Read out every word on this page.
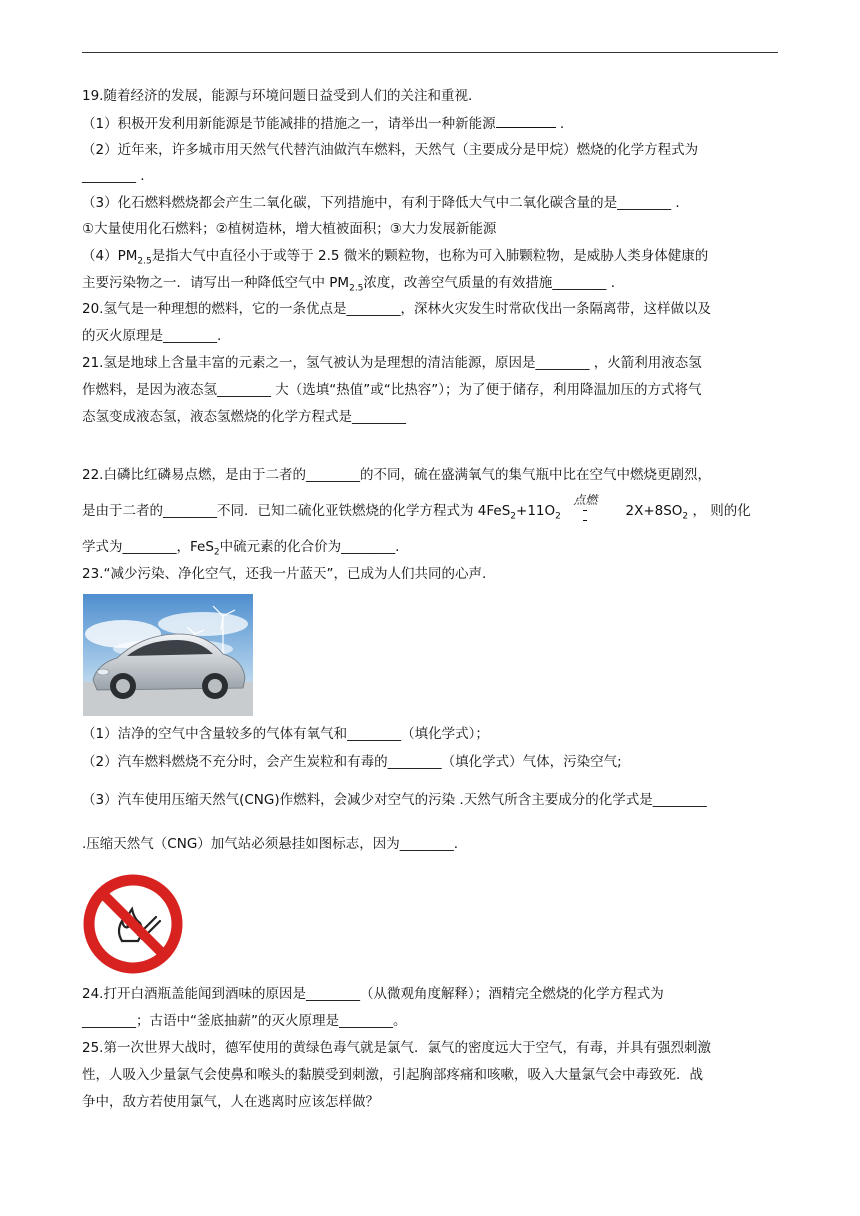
19.随着经济的发展，能源与环境问题日益受到人们的关注和重视.
（1）积极开发利用新能源是节能减排的措施之一，请举出一种新能源	.
（2）近年来，许多城市用天然气代替汽油做汽车燃料，天然气（主要成分是甲烷）燃烧的化学方程式为
________ .
（3）化石燃料燃烧都会产生二氧化碳，下列措施中，有利于降低大气中二氧化碳含量的是________ .
①大量使用化石燃料；②植树造林，增大植被面积；③大力发展新能源
$(4)PM_{2.5}$是指大气中直径小于或等于 2.5 微米的颗粒物，也称为可入肺颗粒物，是威胁人类身体健康的
主要污染物之一．请写出一种降低空气中 $PM_{2.5}$浓度，改善空气质量的有效措施________ .
20.氢气是一种理想的燃料，它的一条优点是________，深林火灾发生时常砍伐出一条隔离带，这样做以及
的灭火原理是________.
21.氢是地球上含量丰富的元素之一，氢气被认为是理想的清洁能源，原因是________ ，火箭利用液态氢
作燃料，是因为液态氢________ 大（选填“热值”或“比热容”）；为了便于储存，利用降温加压的方式将气
态氢变成液态氢，液态氢燃烧的化学方程式是________
22.白磷比红磷易点燃，是由于二者的________的不同，硫在盛满氧气的集气瓶中比在空气中燃烧更剧烈，
是由于二者的________不同．已知二硫化亚铁燃烧的化学方程式为 $4FeS_2+11O_2$
点燃
$2X+8SO_2$ ， 则的化
学式为________，FeS$_2$中硫元素的化合价为________.
23.“减少污染、净化空气，还我一片蓝天”，已成为人们共同的心声.
（1）洁净的空气中含量较多的气体有氧气和________（填化学式）；
（2）汽车燃料燃烧不充分时，会产生炭粒和有毒的________（填化学式）气体，污染空气;
（3）汽车使用压缩天然气(CNG)作燃料，会减少对空气的污染 .天然气所含主要成分的化学式是________
.压缩天然气（CNG）加气站必须悬挂如图标志，因为________.
24.打开白酒瓶盖能闻到酒味的原因是________（从微观角度解释）；酒精完全燃烧的化学方程式为
________；古语中“釜底抽薪”的灭火原理是________。
25.第一次世界大战时，德军使用的黄绿色毒气就是氯气．氯气的密度远大于空气，有毒，并具有强烈刺激
性，人吸入少量氯气会使鼻和喉头的黏膜受到刺激，引起胸部疼痛和咳嗽，吸入大量氯气会中毒致死．战
争中，敌方若使用氯气，人在逃离时应该怎样做？
